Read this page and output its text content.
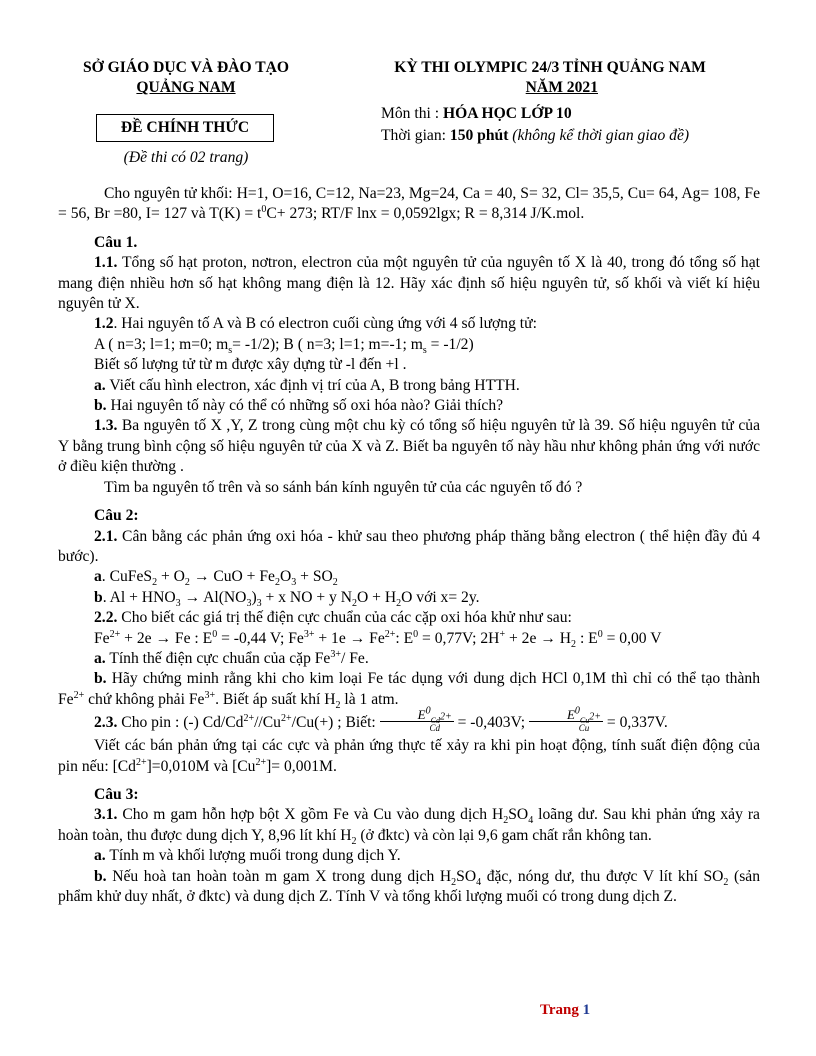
SỞ GIÁO DỤC VÀ ĐÀO TẠO
QUẢNG NAM
ĐỀ CHÍNH THỨC
(Đề thi có 02 trang)
KỲ THI OLYMPIC 24/3 TỈNH QUẢNG NAM
NĂM 2021
Môn thi : HÓA HỌC LỚP 10
Thời gian: 150 phút (không kể thời gian giao đề)

Cho nguyên tử khối: H=1, O=16, C=12, Na=23, Mg=24, Ca = 40, S= 32, Cl= 35,5, Cu= 64, Ag= 108, Fe = 56, Br =80, I= 127 và $T(K) = t^0C+ 273$; RT/F lnx = 0,0592lgx; R = 8,314 J/K.mol.

Câu 1.

1.1. Tổng số hạt proton, nơtron, electron của một nguyên tử của nguyên tố X là 40, trong đó tổng số hạt mang điện nhiều hơn số hạt không mang điện là 12. Hãy xác định số hiệu nguyên tử, số khối và viết kí hiệu nguyên tử X.

1.2. Hai nguyên tố A và B có electron cuối cùng ứng với 4 số lượng tử:

A ( n=3; l=1; m=0; $m_s= -1/2$); B ( n=3; l=1; m=-1; $m_s = -1/2$)

Biết số lượng tử từ m được xây dựng từ -l đến +l .

a. Viết cấu hình electron, xác định vị trí của A, B trong bảng HTTH.

b. Hai nguyên tố này có thể có những số oxi hóa nào? Giải thích?

1.3. Ba nguyên tố X ,Y, Z trong cùng một chu kỳ có tổng số hiệu nguyên tử là 39. Số hiệu nguyên tử của Y bằng trung bình cộng số hiệu nguyên tử của X và Z. Biết ba nguyên tố này hầu như không phản ứng với nước ở điều kiện thường .

Tìm ba nguyên tố trên và so sánh bán kính nguyên tử của các nguyên tố đó ?

Câu 2:

2.1. Cân bằng các phản ứng oxi hóa - khử sau theo phương pháp thăng bằng electron ( thể hiện đầy đủ 4 bước).

a. CuFeS$_2$ + $O_2$ → CuO + $Fe_2O_3 + SO_2$

b. $Al + HNO_3 \to Al(NO_3)_3 + x$ NO + y $N_2O + H_2O$ với x= 2y.

2.2. Cho biết các giá trị thế điện cực chuẩn của các cặp oxi hóa khử như sau:

$Fe^{2+} + 2e \to Fe$ : $E^0 = -0,44$ V; $Fe^{3+} + 1e \to Fe^{2+}$: $E^0 = 0,77V$; $2H^+ + 2e \to H_2$ : $E^0 = 0,00$ V

a. Tính thế điện cực chuẩn của cặp $Fe^{3+}/$ Fe.

b. Hãy chứng minh rằng khi cho kim loại Fe tác dụng với dung dịch HCl 0,1M thì chỉ có thể tạo thành $Fe^{2+}$ chứ không phải $Fe^{3+}$. Biết áp suất khí $H_2$ là 1 atm.

2.3. Cho pin : (-) $Cd/Cd^{2+}//Cu^{2+}/Cu(+)$ ; Biết: $\frac{E^0_{Cd^{2+}}}{Cd} = -0,403V$; $\frac{E^0_{Cu^{2+}}}{Cu} = 0,337V$.

Viết các bán phản ứng tại các cực và phản ứng thực tế xảy ra khi pin hoạt động, tính suất điện động của pin nếu: $[Cd^{2+}]=0,010M$ và $[Cu^{2+}]= 0,001M$.

Câu 3:

3.1. Cho m gam hỗn hợp bột X gồm Fe và Cu vào dung dịch $H_2SO_4$ loãng dư. Sau khi phản ứng xảy ra hoàn toàn, thu được dung dịch Y, 8,96 lít khí $H_2$ (ở đktc) và còn lại 9,6 gam chất rắn không tan.

a. Tính m và khối lượng muối trong dung dịch Y.

b. Nếu hoà tan hoàn toàn m gam X trong dung dịch $H_2SO_4$ đặc, nóng dư, thu được V lít khí $SO_2$ (sản phẩm khử duy nhất, ở đktc) và dung dịch Z. Tính V và tổng khối lượng muối có trong dung dịch Z.

Trang 1
